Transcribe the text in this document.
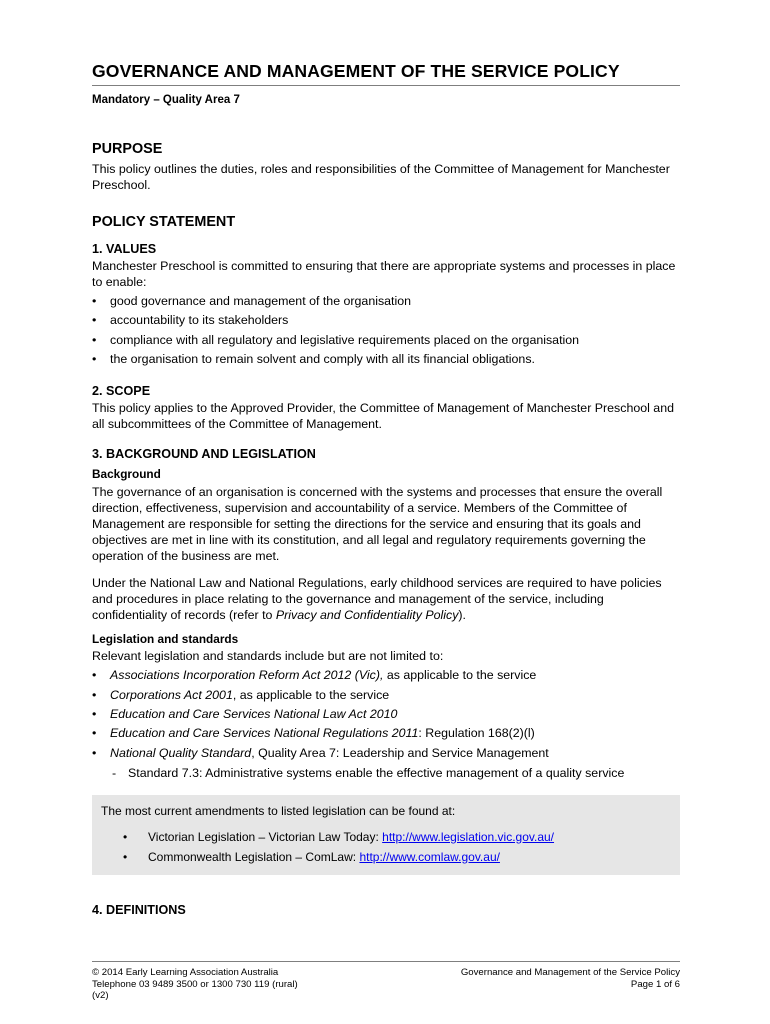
GOVERNANCE AND MANAGEMENT OF THE SERVICE POLICY
Mandatory – Quality Area 7
PURPOSE

This policy outlines the duties, roles and responsibilities of the Committee of Management for Manchester Preschool.

POLICY STATEMENT
1. VALUES

Manchester Preschool is committed to ensuring that there are appropriate systems and processes in place to enable:

• good governance and management of the organisation
• accountability to its stakeholders
• compliance with all regulatory and legislative requirements placed on the organisation
• the organisation to remain solvent and comply with all its financial obligations.
2. SCOPE

This policy applies to the Approved Provider, the Committee of Management of Manchester Preschool and all subcommittees of the Committee of Management.

3. BACKGROUND AND LEGISLATION
Background

The governance of an organisation is concerned with the systems and processes that ensure the overall direction, effectiveness, supervision and accountability of a service. Members of the Committee of Management are responsible for setting the directions for the service and ensuring that its goals and objectives are met in line with its constitution, and all legal and regulatory requirements governing the operation of the business are met.

Under the National Law and National Regulations, early childhood services are required to have policies and procedures in place relating to the governance and management of the service, including confidentiality of records (refer to Privacy and Confidentiality Policy).

Legislation and standards

Relevant legislation and standards include but are not limited to:

• Associations Incorporation Reform Act 2012 (Vic), as applicable to the service
• Corporations Act 2001, as applicable to the service
• Education and Care Services National Law Act 2010
• Education and Care Services National Regulations 2011: Regulation 168(2)(l)
• National Quality Standard, Quality Area 7: Leadership and Service Management
- Standard 7.3: Administrative systems enable the effective management of a quality service

The most current amendments to listed legislation can be found at:

• Victorian Legislation – Victorian Law Today: http://www.legislation.vic.gov.au/
• Commonwealth Legislation – ComLaw: http://www.comlaw.gov.au/
4. DEFINITIONS
© 2014 Early Learning Association Australia
Telephone 03 9489 3500 or 1300 730 119 (rural)
(v2)
Governance and Management of the Service Policy
Page 1 of 6
